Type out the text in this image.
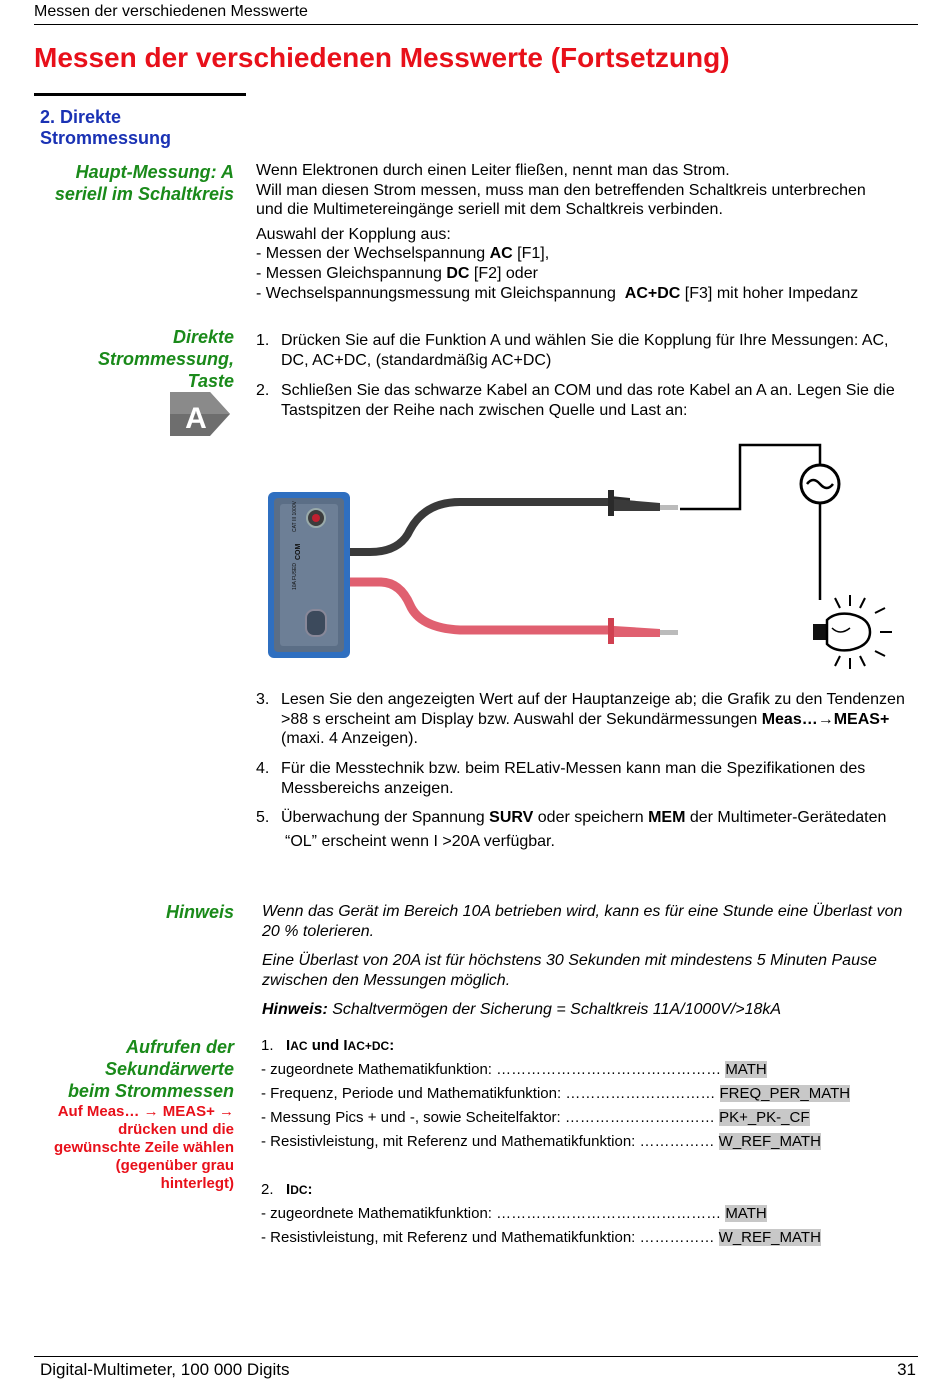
Messen der verschiedenen Messwerte
Messen der verschiedenen Messwerte (Fortsetzung)
2. Direkte
Strommessung
Haupt-Messung: A
seriell im Schaltkreis
Direkte
Strommessung,
Taste
A
Hinweis
Aufrufen der
Sekundärwerte
beim Strommessen
Auf Meas… → MEAS+ →
drücken und die
gewünschte Zeile wählen
(gegenüber grau
hinterlegt)
Wenn Elektronen durch einen Leiter fließen, nennt man das Strom.
Will man diesen Strom messen, muss man den betreffenden Schaltkreis unterbrechen
und die Multimetereingänge seriell mit dem Schaltkreis verbinden.
Auswahl der Kopplung aus:
- Messen der Wechselspannung AC [F1],
- Messen Gleichspannung DC [F2] oder
- Wechselspannungsmessung mit Gleichspannung  AC+DC [F3] mit hoher Impedanz
1. Drücken Sie auf die Funktion A und wählen Sie die Kopplung für Ihre Messungen: AC, DC, AC+DC, (standardmäßig AC+DC)
2. Schließen Sie das schwarze Kabel an COM und das rote Kabel an A an. Legen Sie die Tastspitzen der Reihe nach zwischen Quelle und Last an:
CAT III 1000V
COM
10A FUSED
3. Lesen Sie den angezeigten Wert auf der Hauptanzeige ab; die Grafik zu den Tendenzen >88 s erscheint am Display bzw. Auswahl der Sekundärmessungen Meas…→MEAS+ (maxi. 4 Anzeigen).
4. Für die Messtechnik bzw. beim RELativ-Messen kann man die Spezifikationen des Messbereichs anzeigen.
5. Überwachung der Spannung SURV oder speichern MEM der Multimeter-Gerätedaten
“OL” erscheint wenn I >20A verfügbar.
Wenn das Gerät im Bereich 10A betrieben wird, kann es für eine Stunde eine Überlast von 20 % tolerieren.
Eine Überlast von 20A ist für höchstens 30 Sekunden mit mindestens 5 Minuten Pause zwischen den Messungen möglich.
Hinweis: Schaltvermögen der Sicherung = Schaltkreis 11A/1000V/>18kA
1. IAC und IAC+DC:
- zugeordnete Mathematikfunktion: ……………………………………… MATH
- Frequenz, Periode und Mathematikfunktion: ………………………… FREQ_PER_MATH
- Messung Pics + und -, sowie Scheitelfaktor: ………………………… PK+_PK-_CF
- Resistivleistung, mit Referenz und Mathematikfunktion: …………… W_REF_MATH
2. IDC:
- zugeordnete Mathematikfunktion: ……………………………………… MATH
- Resistivleistung, mit Referenz und Mathematikfunktion: …………… W_REF_MATH
Digital-Multimeter, 100 000 Digits	31
